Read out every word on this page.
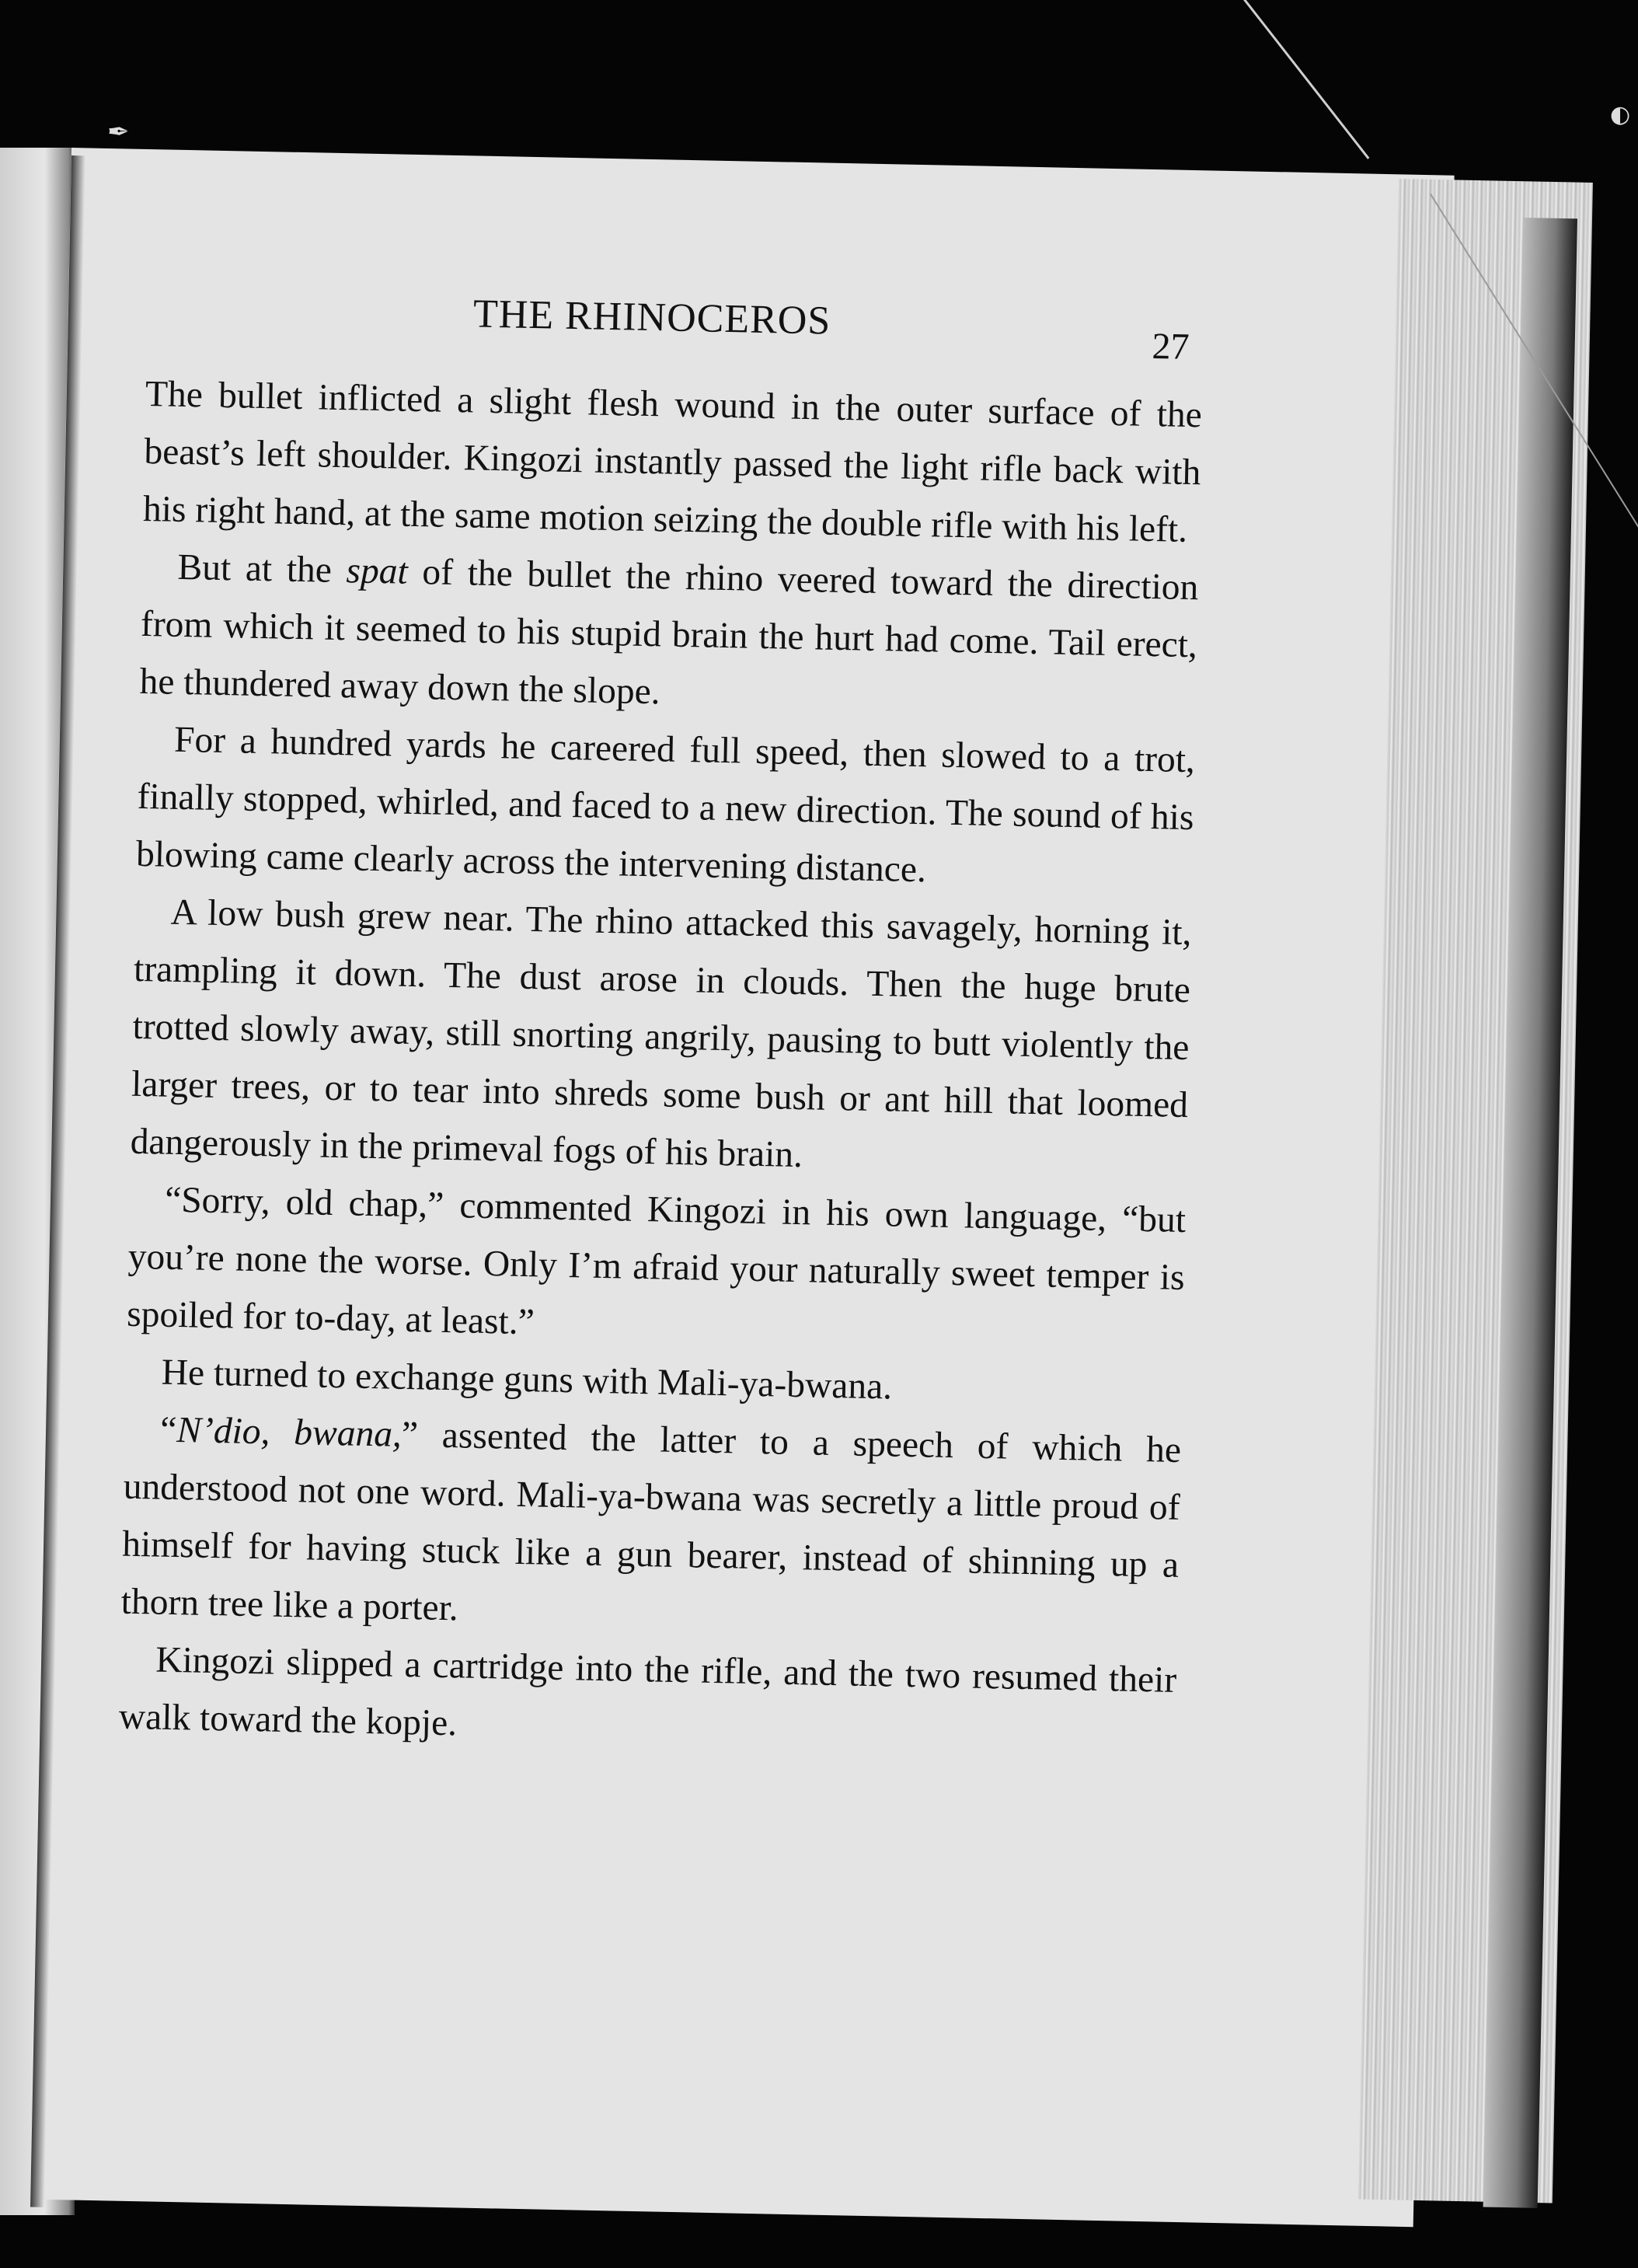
✒
◐
THE RHINOCEROS
27

The bullet inflicted a slight flesh wound in the outer surface of the beast’s left shoulder. Kingozi instantly passed the light rifle back with his right hand, at the same motion seizing the double rifle with his left.

But at the spat of the bullet the rhino veered toward the direction from which it seemed to his stupid brain the hurt had come. Tail erect, he thundered away down the slope.

For a hundred yards he careered full speed, then slowed to a trot, finally stopped, whirled, and faced to a new direction. The sound of his blowing came clearly across the intervening distance.

A low bush grew near. The rhino attacked this savagely, horning it, trampling it down. The dust arose in clouds. Then the huge brute trotted slowly away, still snorting angrily, pausing to butt violently the larger trees, or to tear into shreds some bush or ant hill that loomed dangerously in the primeval fogs of his brain.

“Sorry, old chap,” commented Kingozi in his own language, “but you’re none the worse. Only I’m afraid your naturally sweet temper is spoiled for to-day, at least.”

He turned to exchange guns with Mali-ya-bwana.

“N’dio, bwana,” assented the latter to a speech of which he understood not one word. Mali-ya-bwana was secretly a little proud of himself for having stuck like a gun bearer, instead of shinning up a thorn tree like a porter.

Kingozi slipped a cartridge into the rifle, and the two resumed their walk toward the kopje.
